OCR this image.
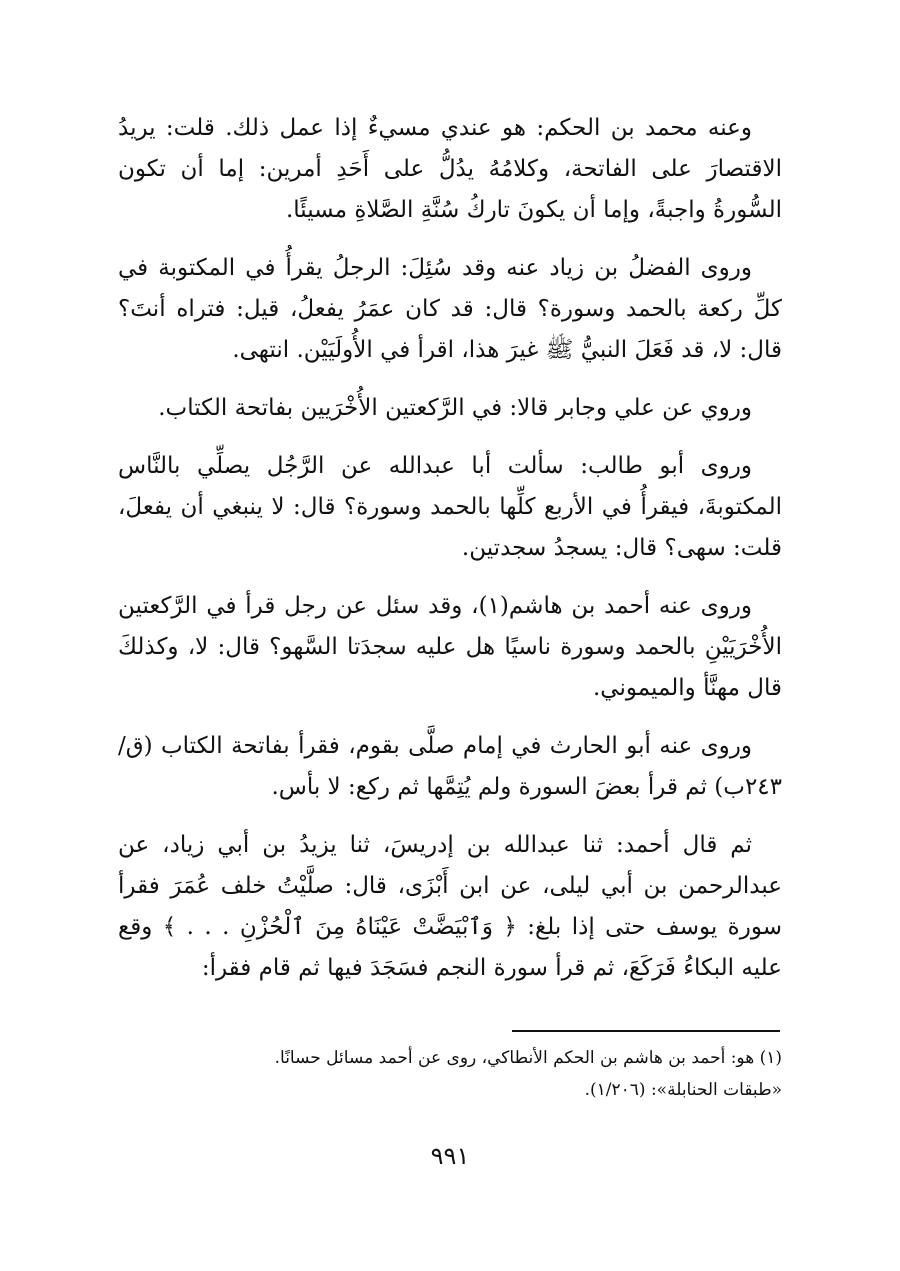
وعنه محمد بن الحكم: هو عندي مسيءٌ إذا عمل ذلك. قلت: يريدُ الاقتصارَ على الفاتحة، وكلامُهُ يدُلُّ على أَحَدِ أمرين: إما أن تكون السُّورةُ واجبةً، وإما أن يكونَ تاركُ سُنَّةِ الصَّلاةِ مسيئًا.

وروى الفضلُ بن زياد عنه وقد سُئِلَ: الرجلُ يقرأُ في المكتوبة في كلِّ ركعة بالحمد وسورة؟ قال: قد كان عمَرُ يفعلُ، قيل: فتراه أنتَ؟ قال: لا، قد فَعَلَ النبيُّ ﷺ غيرَ هذا، اقرأ في الأُولَيَيْن. انتهى.

وروي عن علي وجابر قالا: في الرَّكعتين الأُخْرَيين بفاتحة الكتاب.

وروى أبو طالب: سألت أبا عبدالله عن الرَّجُل يصلِّي بالنَّاس المكتوبةَ، فيقرأُ في الأربع كلِّها بالحمد وسورة؟ قال: لا ينبغي أن يفعلَ، قلت: سهى؟ قال: يسجدُ سجدتين.

وروى عنه أحمد بن هاشم(١)، وقد سئل عن رجل قرأ في الرَّكعتين الأُخْرَيَيْنِ بالحمد وسورة ناسيًا هل عليه سجدَتا السَّهو؟ قال: لا، وكذلكَ قال مهنَّأ والميموني.

وروى عنه أبو الحارث في إمام صلَّى بقوم، فقرأ بفاتحة الكتاب (ق/٢٤٣ب) ثم قرأ بعضَ السورة ولم يُتِمَّها ثم ركع: لا بأس.

ثم قال أحمد: ثنا عبدالله بن إدريسَ، ثنا يزيدُ بن أبي زياد، عن عبدالرحمن بن أبي ليلى، عن ابن أَبْزَى، قال: صلَّيْتُ خلف عُمَرَ فقرأ سورة يوسف حتى إذا بلغ: ﴿ وَٱبْيَضَّتْ عَيْنَاهُ مِنَ ٱلْحُزْنِ . . . ﴾ وقع عليه البكاءُ فَرَكَعَ، ثم قرأ سورة النجم فسَجَدَ فيها ثم قام فقرأ:

(١) هو: أحمد بن هاشم بن الحكم الأنطاكي، روى عن أحمد مسائل حسانًا.

«طبقات الحنابلة»: (١/٢٠٦).

٩٩١
